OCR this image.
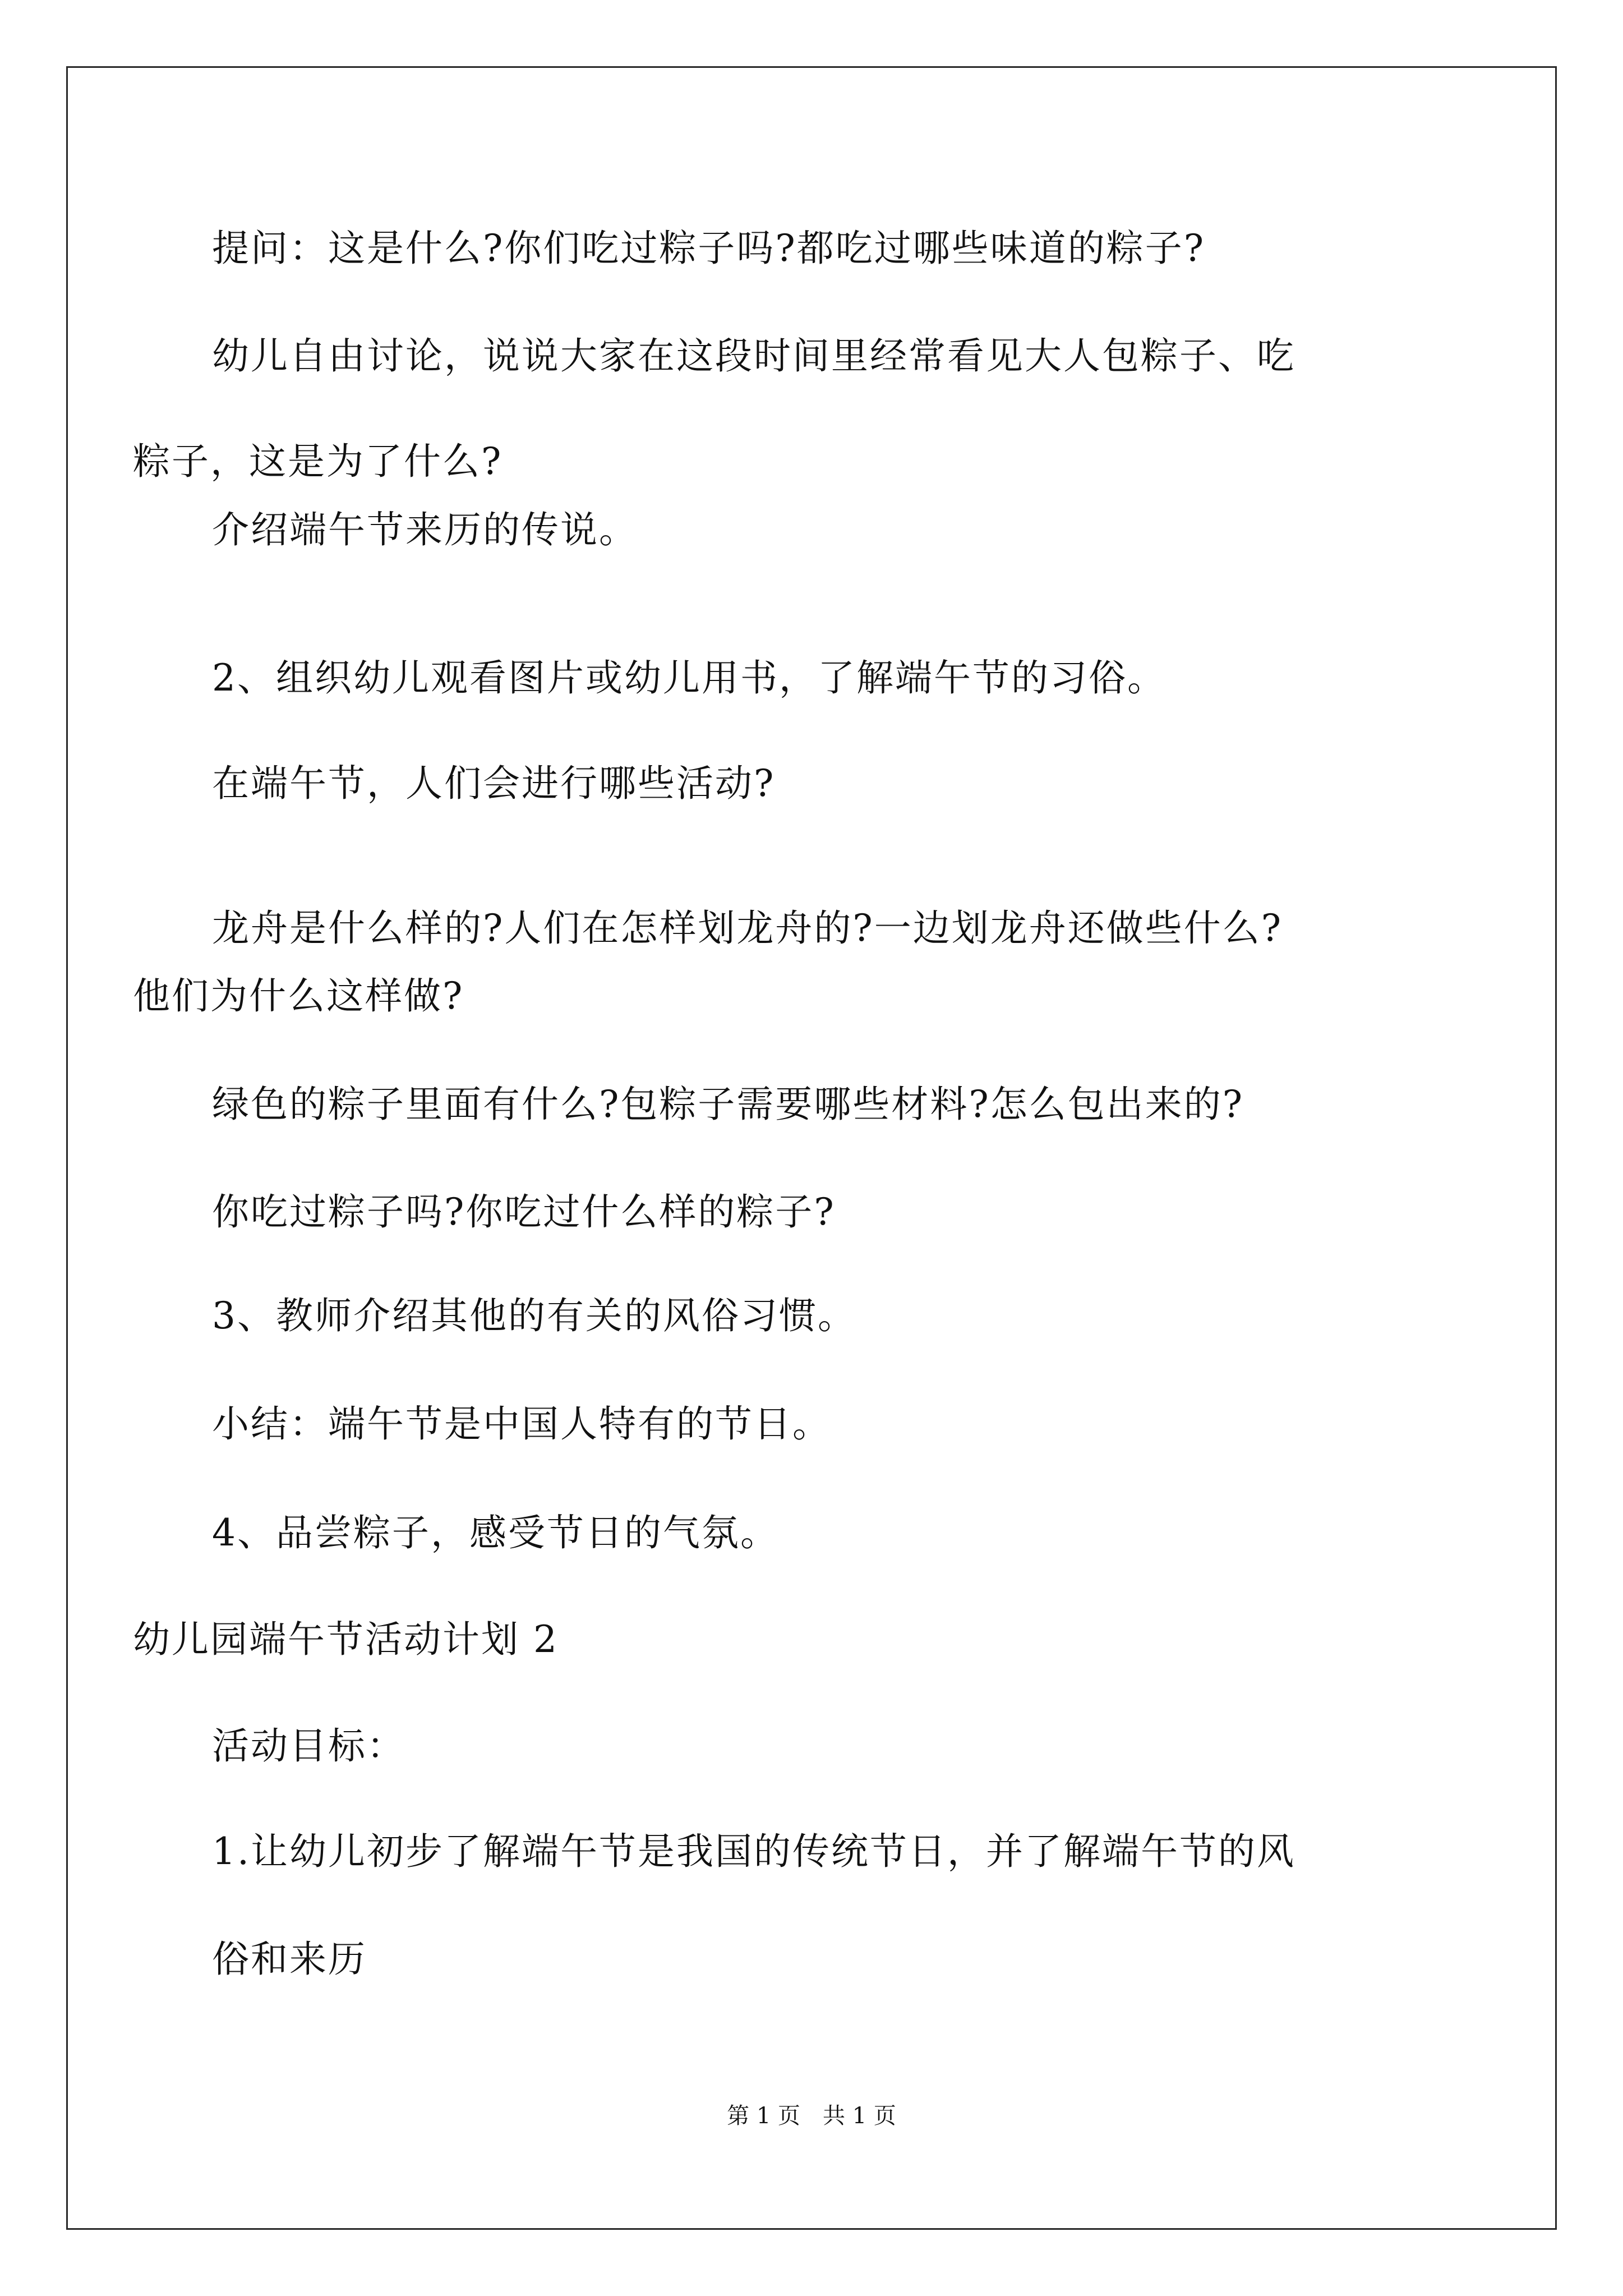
提问：这是什么?你们吃过粽子吗?都吃过哪些味道的粽子?
幼儿自由讨论，说说大家在这段时间里经常看见大人包粽子、吃
粽子，这是为了什么?
介绍端午节来历的传说。
2、组织幼儿观看图片或幼儿用书，了解端午节的习俗。
在端午节，人们会进行哪些活动?
龙舟是什么样的?人们在怎样划龙舟的?一边划龙舟还做些什么?
他们为什么这样做?
绿色的粽子里面有什么?包粽子需要哪些材料?怎么包出来的?
你吃过粽子吗?你吃过什么样的粽子?
3、教师介绍其他的有关的风俗习惯。
小结：端午节是中国人特有的节日。
4、品尝粽子，感受节日的气氛。
幼儿园端午节活动计划 2
活动目标：
1.让幼儿初步了解端午节是我国的传统节日，并了解端午节的风
俗和来历
第 1 页　共 1 页
